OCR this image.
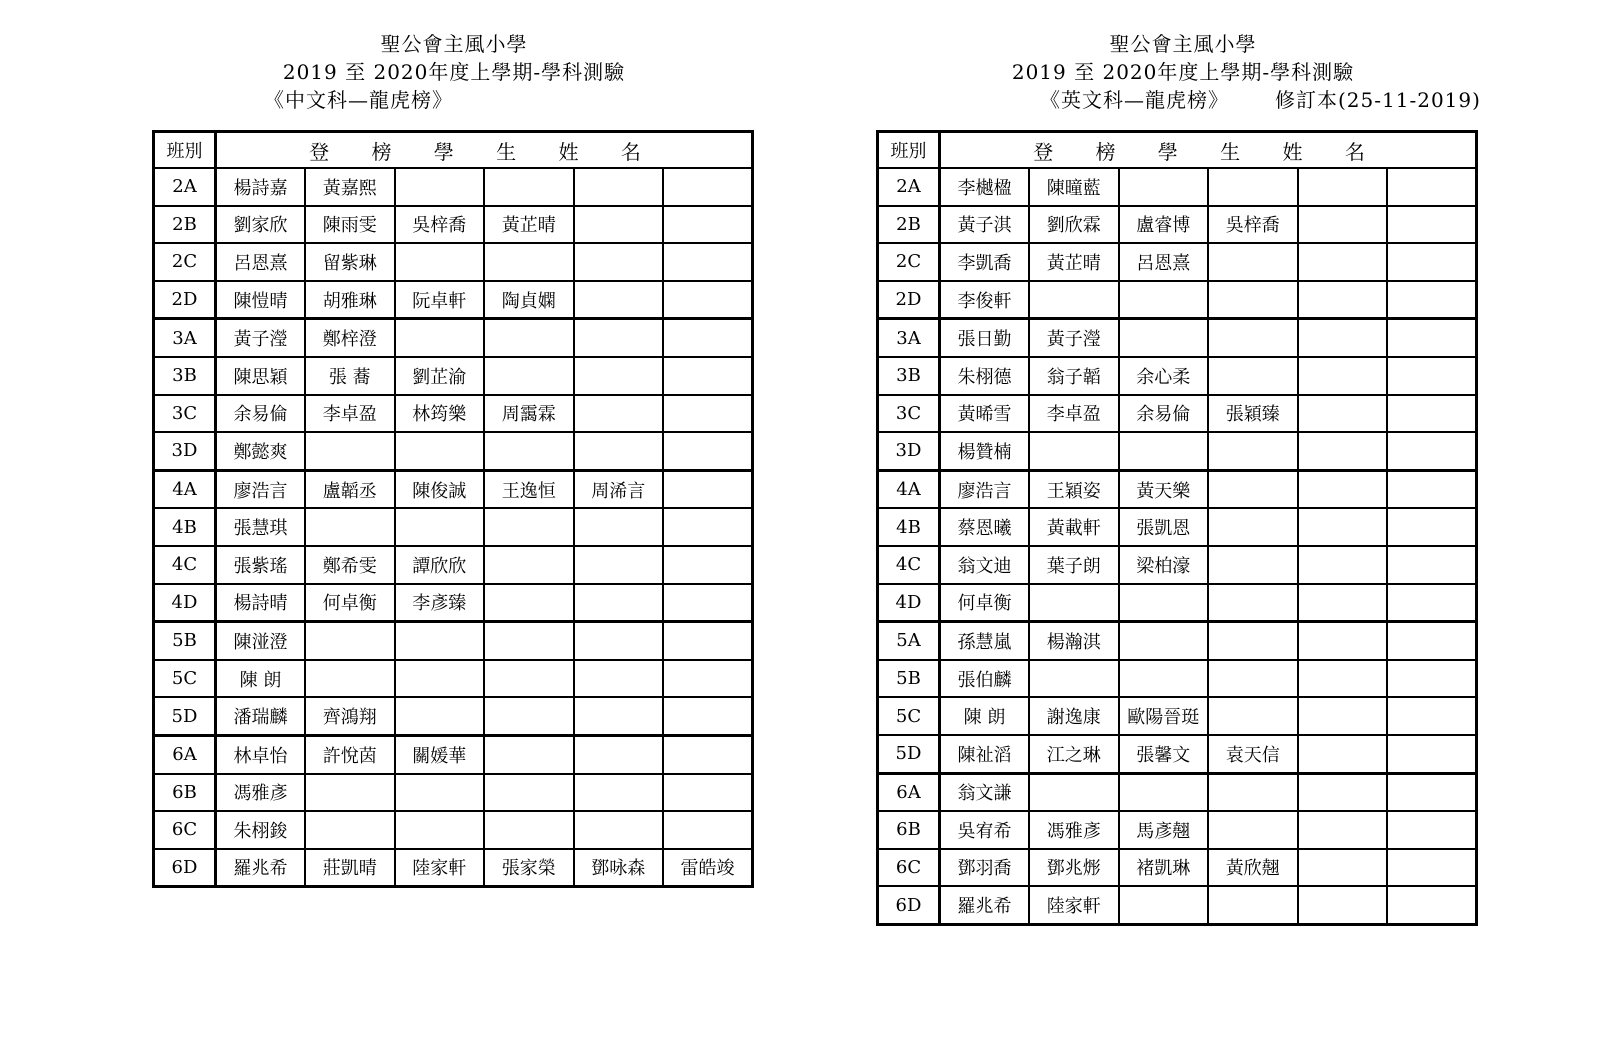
聖公會主風小學
2019 至 2020年度上學期-學科測驗
《中文科—龍虎榜》
班別	登 榜 學 生 姓 名					
2A	楊詩嘉	黃嘉熙				
2B	劉家欣	陳雨雯	吳梓喬	黃芷晴		
2C	呂恩熹	留紫琳				
2D	陳愷晴	胡雅琳	阮卓軒	陶貞嫻		
3A	黃子瀅	鄭梓澄				
3B	陳思穎	張 蕎	劉芷渝			
3C	余易倫	李卓盈	林筠樂	周靄霖		
3D	鄭懿爽					
4A	廖浩言	盧韜丞	陳俊誠	王逸恒	周浠言	
4B	張慧琪					
4C	張紫瑤	鄭希雯	譚欣欣			
4D	楊詩晴	何卓衡	李彥臻			
5B	陳湴澄					
5C	陳 朗					
5D	潘瑞麟	齊鴻翔				
6A	林卓怡	許悅茵	關媛華			
6B	馮雅彥					
6C	朱栩鋑					
6D	羅兆希	莊凱晴	陸家軒	張家榮	鄧咏森	雷皓竣
聖公會主風小學
2019 至 2020年度上學期-學科測驗
《英文科—龍虎榜》 修訂本(25-11-2019)
班別	登 榜 學 生 姓 名					
2A	李樾楹	陳曈藍				
2B	黃子淇	劉欣霖	盧睿博	吳梓喬		
2C	李凱喬	黃芷晴	呂恩熹			
2D	李俊軒					
3A	張日勤	黃子瀅				
3B	朱栩德	翁子韜	余心柔			
3C	黃晞雪	李卓盈	余易倫	張穎臻		
3D	楊贊楠					
4A	廖浩言	王穎姿	黃天樂			
4B	蔡恩曦	黃載軒	張凱恩			
4C	翁文迪	葉子朗	梁柏濠			
4D	何卓衡					
5A	孫慧嵐	楊瀚淇				
5B	張伯麟					
5C	陳 朗	謝逸康	歐陽晉珽			
5D	陳祉滔	江之琳	張馨文	袁天信		
6A	翁文謙					
6B	吳宥希	馮雅彥	馬彥翹			
6C	鄧羽喬	鄧兆烿	褚凱琳	黃欣翹		
6D	羅兆希	陸家軒				
